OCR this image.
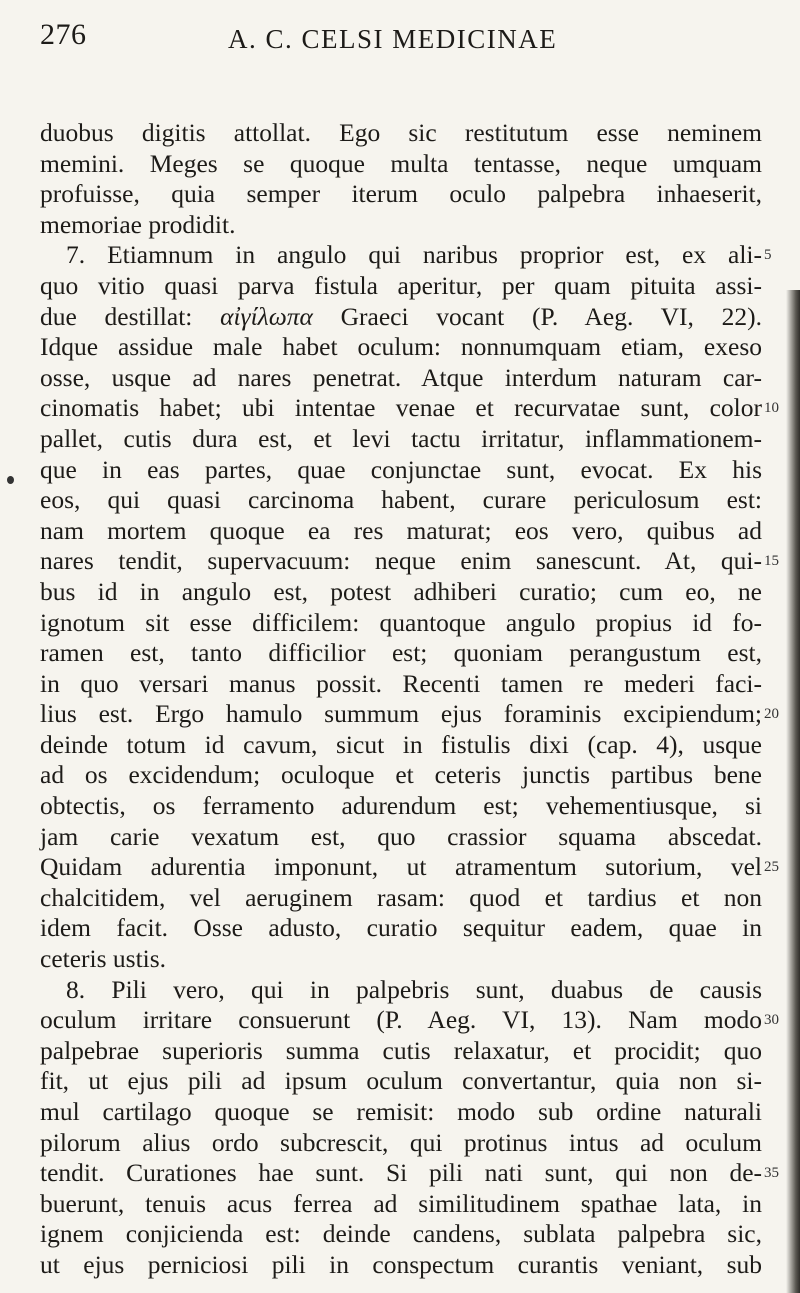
276	A. C. CELSI MEDICINAE
duobus digitis attollat. Ego sic restitutum esse neminem
memini. Meges se quoque multa tentasse, neque umquam
profuisse, quia semper iterum oculo palpebra inhaeserit,
memoriae prodidit.
7. Etiamnum in angulo qui naribus proprior est, ex ali- 5
quo vitio quasi parva fistula aperitur, per quam pituita assi-
due destillat: αἰγίλωπα Graeci vocant (P. Aeg. VI, 22).
Idque assidue male habet oculum: nonnumquam etiam, exeso
osse, usque ad nares penetrat. Atque interdum naturam car-
cinomatis habet; ubi intentae venae et recurvatae sunt, color 10
pallet, cutis dura est, et levi tactu irritatur, inflammationem-
que in eas partes, quae conjunctae sunt, evocat. Ex his
eos, qui quasi carcinoma habent, curare periculosum est:
nam mortem quoque ea res maturat; eos vero, quibus ad
nares tendit, supervacuum: neque enim sanescunt. At, qui- 15
bus id in angulo est, potest adhiberi curatio; cum eo, ne
ignotum sit esse difficilem: quantoque angulo propius id fo-
ramen est, tanto difficilior est; quoniam perangustum est,
in quo versari manus possit. Recenti tamen re mederi faci-
lius est. Ergo hamulo summum ejus foraminis excipiendum; 20
deinde totum id cavum, sicut in fistulis dixi (cap. 4), usque
ad os excidendum; oculoque et ceteris junctis partibus bene
obtectis, os ferramento adurendum est; vehementiusque, si
jam carie vexatum est, quo crassior squama abscedat.
Quidam adurentia imponunt, ut atramentum sutorium, vel 25
chalcitidem, vel aeruginem rasam: quod et tardius et non
idem facit. Osse adusto, curatio sequitur eadem, quae in
ceteris ustis.
8. Pili vero, qui in palpebris sunt, duabus de causis
oculum irritare consuerunt (P. Aeg. VI, 13). Nam modo 30
palpebrae superioris summa cutis relaxatur, et procidit; quo
fit, ut ejus pili ad ipsum oculum convertantur, quia non si-
mul cartilago quoque se remisit: modo sub ordine naturali
pilorum alius ordo subcrescit, qui protinus intus ad oculum
tendit. Curationes hae sunt. Si pili nati sunt, qui non de- 35
buerunt, tenuis acus ferrea ad similitudinem spathae lata, in
ignem conjicienda est: deinde candens, sublata palpebra sic,
ut ejus perniciosi pili in conspectum curantis veniant, sub
